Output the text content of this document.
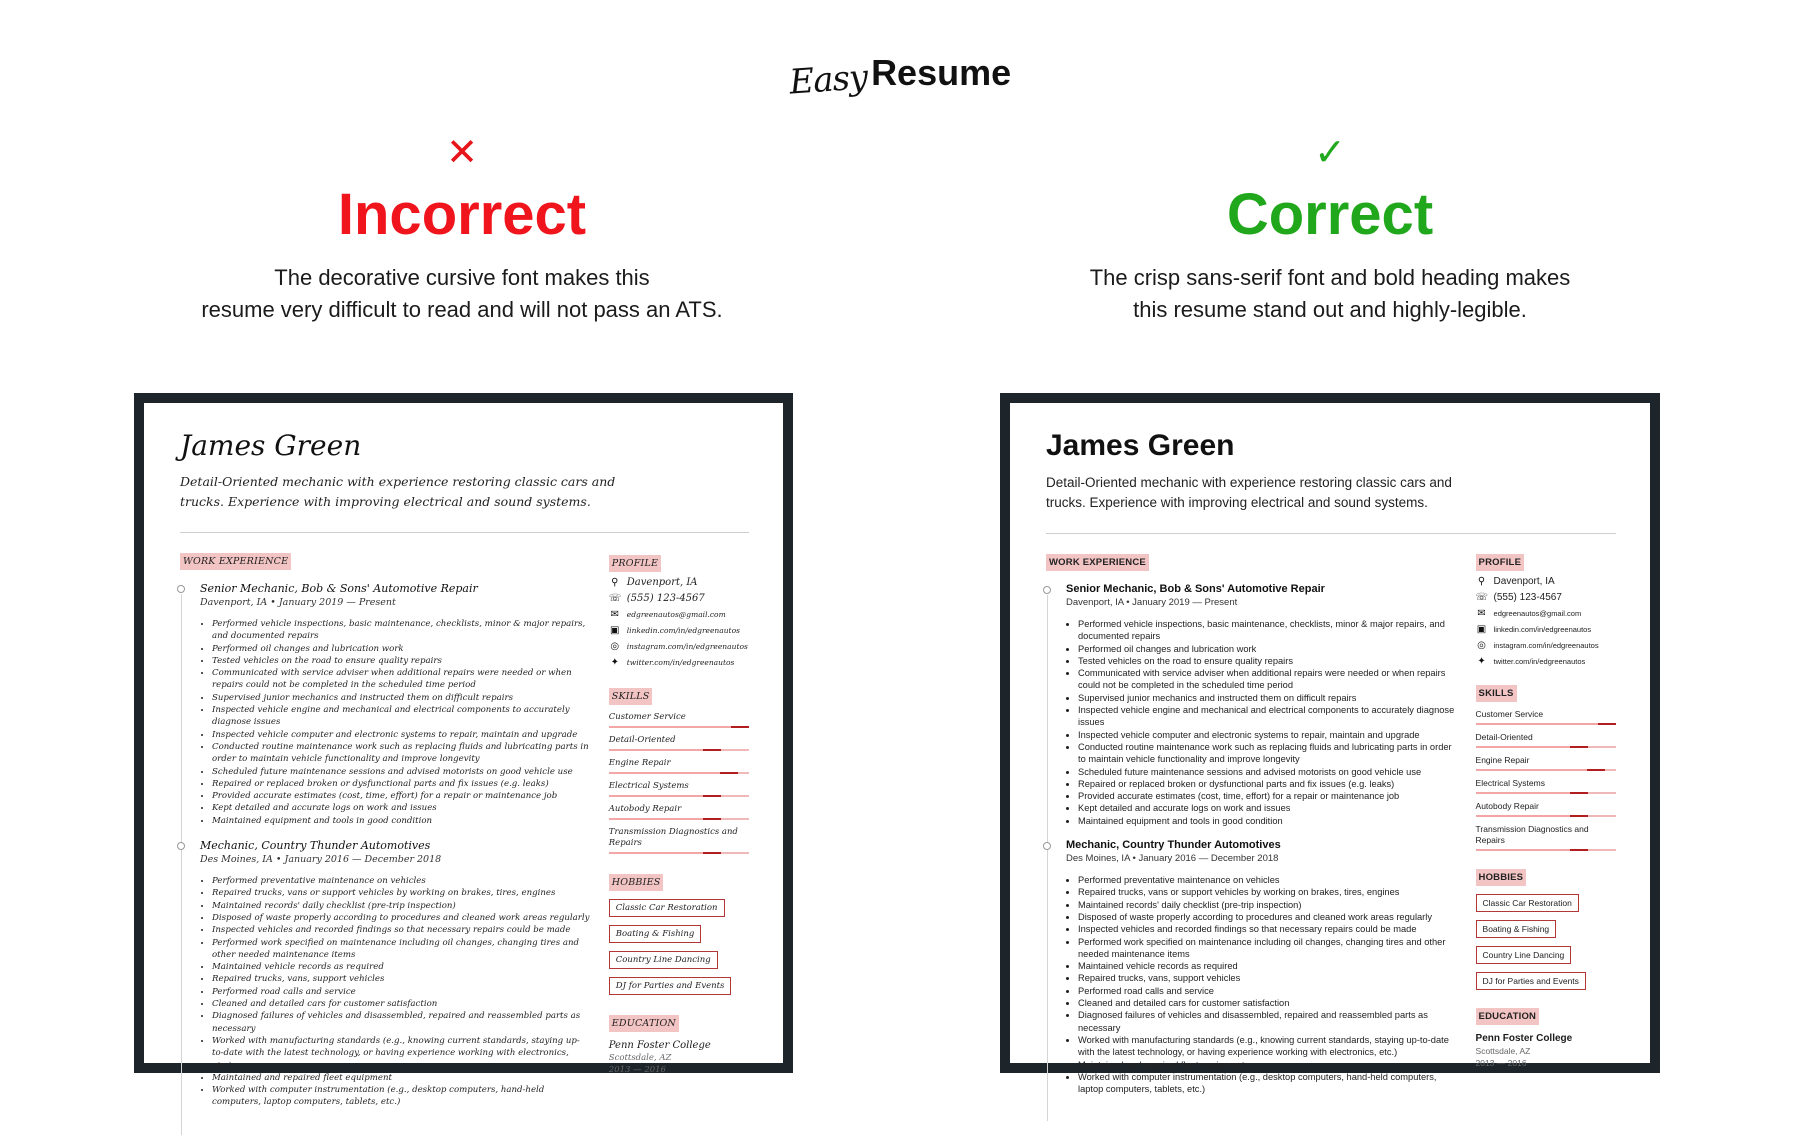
Easy Resume
✕
Incorrect
The decorative cursive font makes this
resume very difficult to read and will not pass an ATS.
✓
Correct
The crisp sans-serif font and bold heading makes
this resume stand out and highly-legible.
James Green
Detail-Oriented mechanic with experience restoring classic cars and trucks. Experience with improving electrical and sound systems.
WORK EXPERIENCE
Senior Mechanic, Bob & Sons' Automotive Repair
Davenport, IA • January 2019 — Present
• Performed vehicle inspections, basic maintenance, checklists, minor & major repairs, and documented repairs
• Performed oil changes and lubrication work
• Tested vehicles on the road to ensure quality repairs
• Communicated with service adviser when additional repairs were needed or when repairs could not be completed in the scheduled time period
• Supervised junior mechanics and instructed them on difficult repairs
• Inspected vehicle engine and mechanical and electrical components to accurately diagnose issues
• Inspected vehicle computer and electronic systems to repair, maintain and upgrade
• Conducted routine maintenance work such as replacing fluids and lubricating parts in order to maintain vehicle functionality and improve longevity
• Scheduled future maintenance sessions and advised motorists on good vehicle use
• Repaired or replaced broken or dysfunctional parts and fix issues (e.g. leaks)
• Provided accurate estimates (cost, time, effort) for a repair or maintenance job
• Kept detailed and accurate logs on work and issues
• Maintained equipment and tools in good condition
Mechanic, Country Thunder Automotives
Des Moines, IA • January 2016 — December 2018
• Performed preventative maintenance on vehicles
• Repaired trucks, vans or support vehicles by working on brakes, tires, engines
• Maintained records' daily checklist (pre-trip inspection)
• Disposed of waste properly according to procedures and cleaned work areas regularly
• Inspected vehicles and recorded findings so that necessary repairs could be made
• Performed work specified on maintenance including oil changes, changing tires and other needed maintenance items
• Maintained vehicle records as required
• Repaired trucks, vans, support vehicles
• Performed road calls and service
• Cleaned and detailed cars for customer satisfaction
• Diagnosed failures of vehicles and disassembled, repaired and reassembled parts as necessary
• Worked with manufacturing standards (e.g., knowing current standards, staying up-to-date with the latest technology, or having experience working with electronics, etc.)
• Maintained and repaired fleet equipment
• Worked with computer instrumentation (e.g., desktop computers, hand-held computers, laptop computers, tablets, etc.)
PROFILE
⚲ Davenport, IA
☏ (555) 123-4567
✉ edgreenautos@gmail.com
▣ linkedin.com/in/edgreenautos
◎ instagram.com/in/edgreenautos
✦ twitter.com/in/edgreenautos
SKILLS
Customer Service
Detail-Oriented
Engine Repair
Electrical Systems
Autobody Repair
Transmission Diagnostics and Repairs
HOBBIES
Classic Car Restoration
Boating & Fishing
Country Line Dancing
DJ for Parties and Events
EDUCATION
Penn Foster College
Scottsdale, AZ
2013 — 2016
James Green
Detail-Oriented mechanic with experience restoring classic cars and trucks. Experience with improving electrical and sound systems.
WORK EXPERIENCE
Senior Mechanic, Bob & Sons' Automotive Repair
Davenport, IA • January 2019 — Present
• Performed vehicle inspections, basic maintenance, checklists, minor & major repairs, and documented repairs
• Performed oil changes and lubrication work
• Tested vehicles on the road to ensure quality repairs
• Communicated with service adviser when additional repairs were needed or when repairs could not be completed in the scheduled time period
• Supervised junior mechanics and instructed them on difficult repairs
• Inspected vehicle engine and mechanical and electrical components to accurately diagnose issues
• Inspected vehicle computer and electronic systems to repair, maintain and upgrade
• Conducted routine maintenance work such as replacing fluids and lubricating parts in order to maintain vehicle functionality and improve longevity
• Scheduled future maintenance sessions and advised motorists on good vehicle use
• Repaired or replaced broken or dysfunctional parts and fix issues (e.g. leaks)
• Provided accurate estimates (cost, time, effort) for a repair or maintenance job
• Kept detailed and accurate logs on work and issues
• Maintained equipment and tools in good condition
Mechanic, Country Thunder Automotives
Des Moines, IA • January 2016 — December 2018
• Performed preventative maintenance on vehicles
• Repaired trucks, vans or support vehicles by working on brakes, tires, engines
• Maintained records' daily checklist (pre-trip inspection)
• Disposed of waste properly according to procedures and cleaned work areas regularly
• Inspected vehicles and recorded findings so that necessary repairs could be made
• Performed work specified on maintenance including oil changes, changing tires and other needed maintenance items
• Maintained vehicle records as required
• Repaired trucks, vans, support vehicles
• Performed road calls and service
• Cleaned and detailed cars for customer satisfaction
• Diagnosed failures of vehicles and disassembled, repaired and reassembled parts as necessary
• Worked with manufacturing standards (e.g., knowing current standards, staying up-to-date with the latest technology, or having experience working with electronics, etc.)
• Maintained and repaired fleet equipment
• Worked with computer instrumentation (e.g., desktop computers, hand-held computers, laptop computers, tablets, etc.)
PROFILE
⚲ Davenport, IA
☏ (555) 123-4567
✉ edgreenautos@gmail.com
▣ linkedin.com/in/edgreenautos
◎ instagram.com/in/edgreenautos
✦ twitter.com/in/edgreenautos
SKILLS
Customer Service
Detail-Oriented
Engine Repair
Electrical Systems
Autobody Repair
Transmission Diagnostics and Repairs
HOBBIES
Classic Car Restoration
Boating & Fishing
Country Line Dancing
DJ for Parties and Events
EDUCATION
Penn Foster College
Scottsdale, AZ
2013 — 2016
